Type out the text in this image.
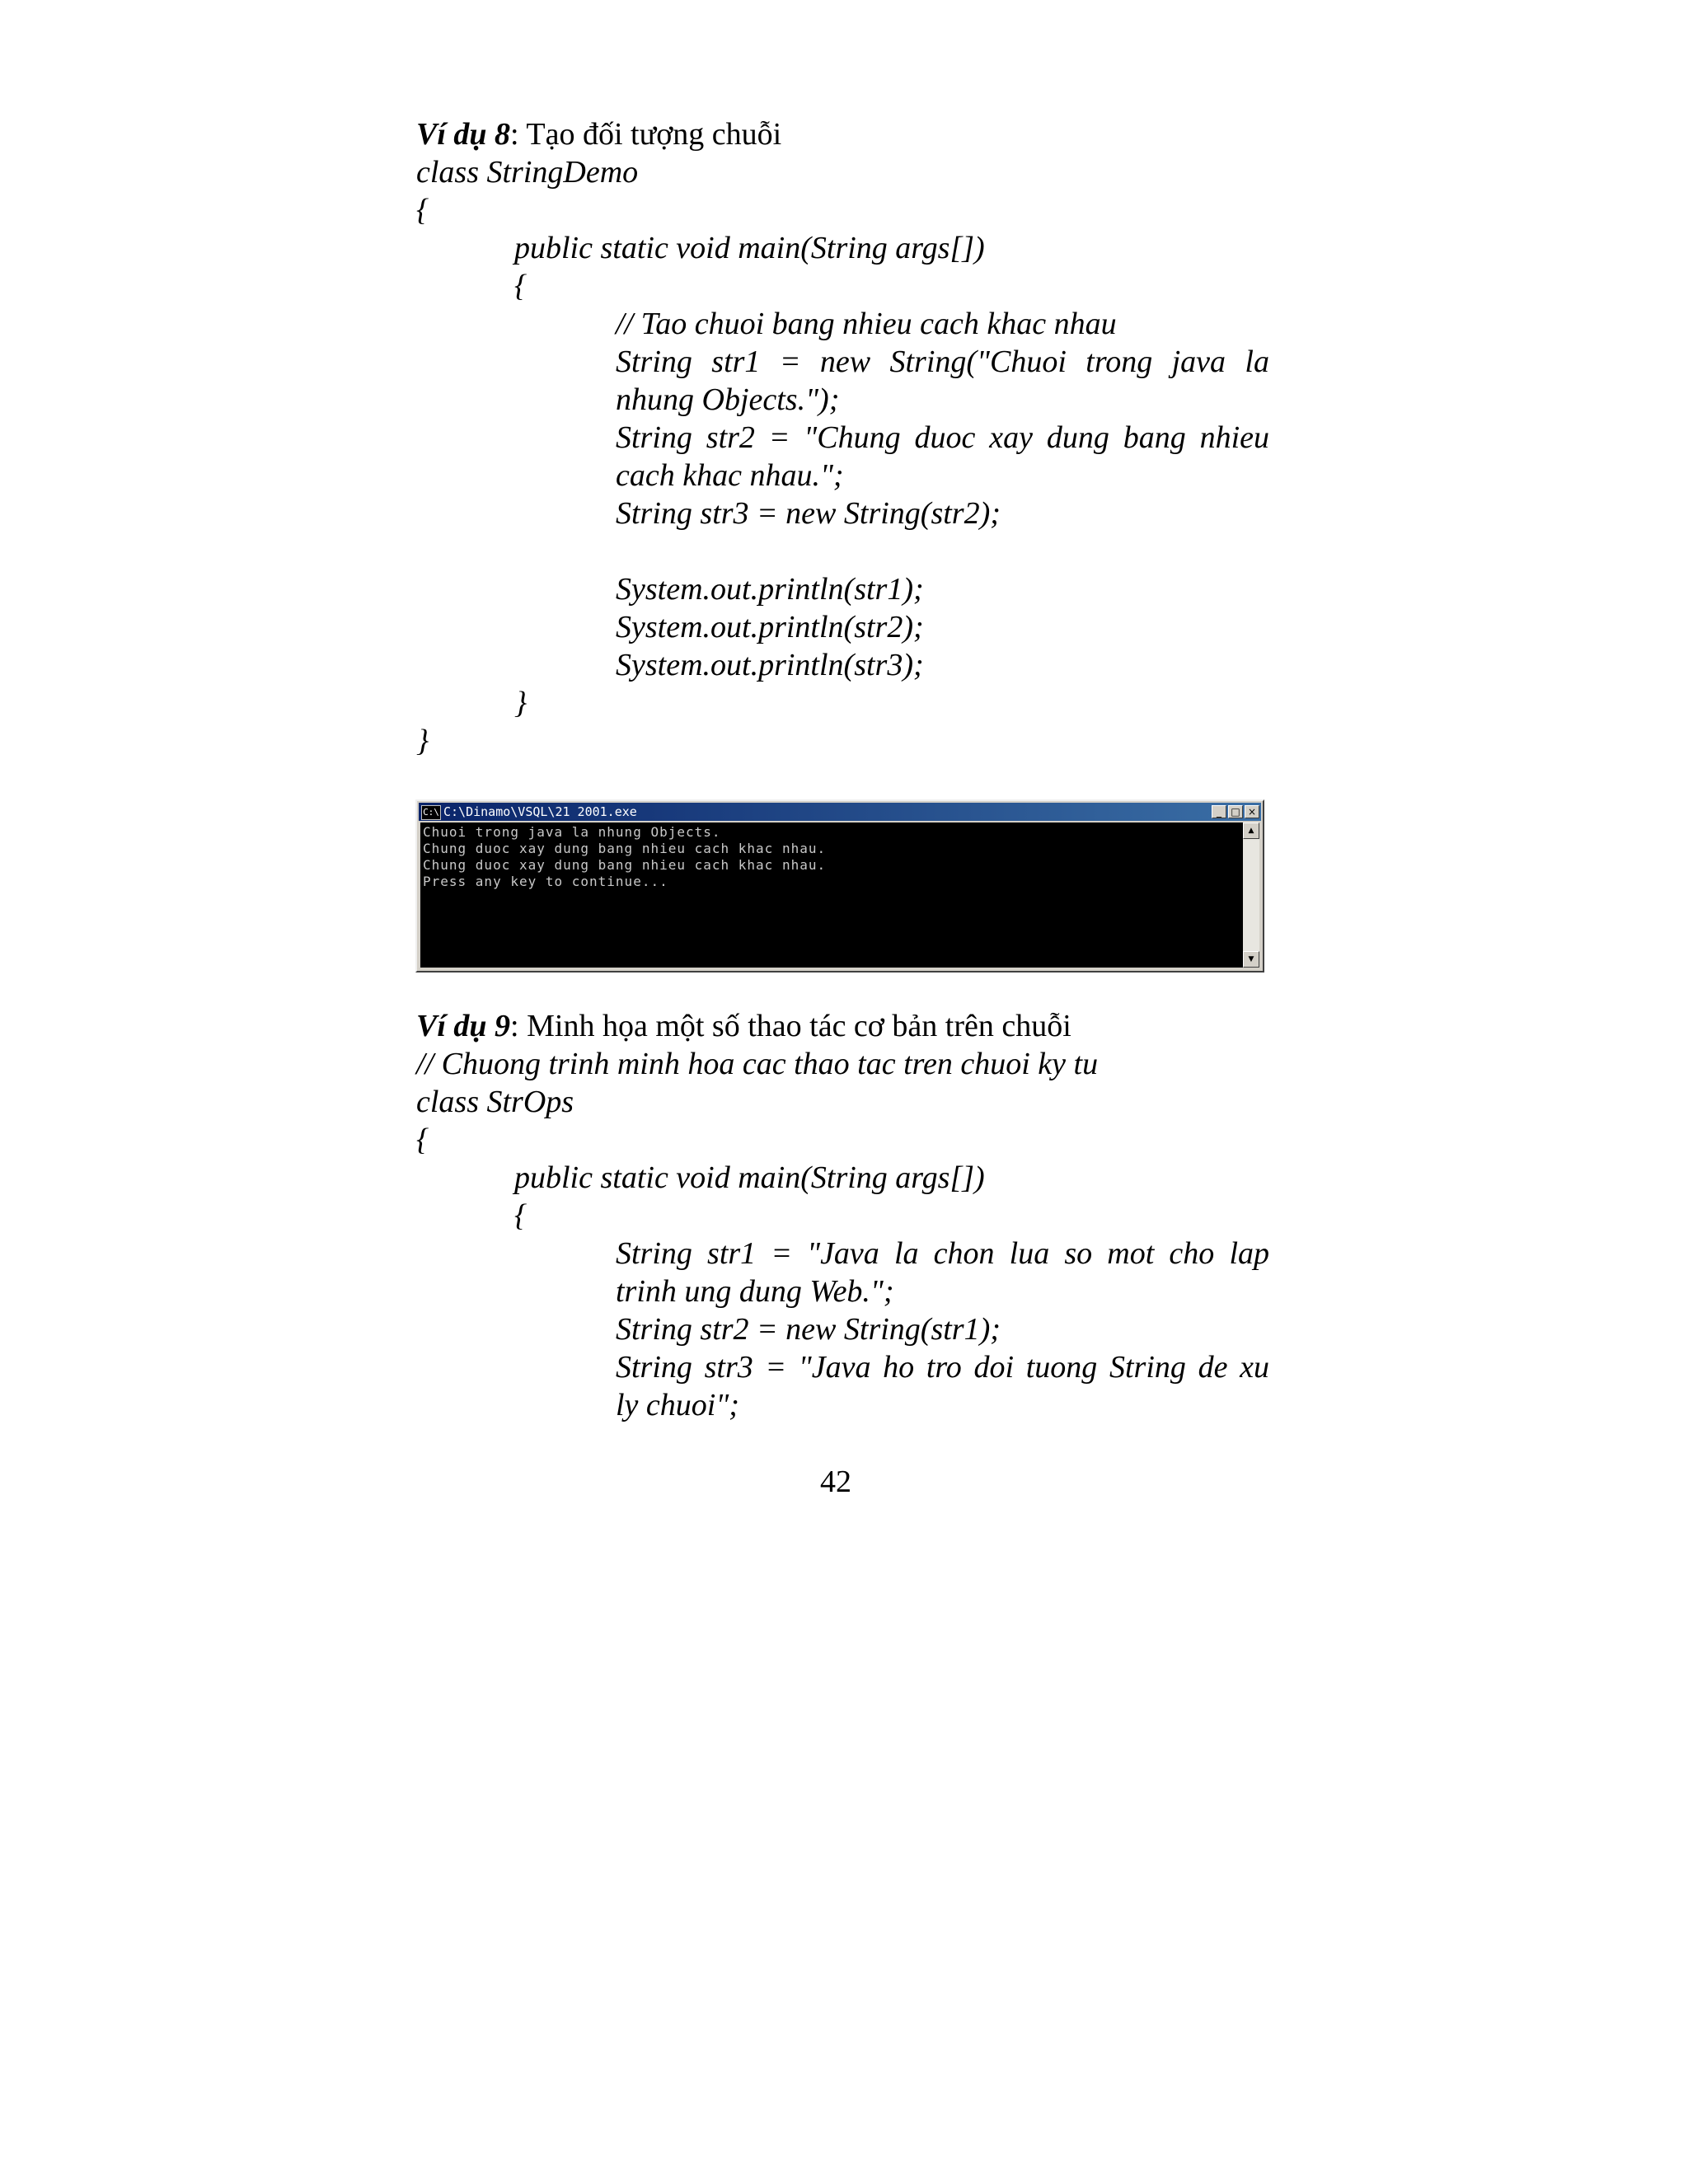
Ví dụ 8: Tạo đối tượng chuỗi
class StringDemo
{
public static void main(String args[])
{
// Tao chuoi bang nhieu cach khac nhau
String str1 = new String("Chuoi trong java la
nhung Objects.");
String str2 = "Chung duoc xay dung bang nhieu
cach khac nhau.";
String str3 = new String(str2);
System.out.println(str1);
System.out.println(str2);
System.out.println(str3);
}
}
C:\ C:\Dinamo\VSQL\21 2001.exe	_ □ ×
Chuoi trong java la nhung Objects.
Chung duoc xay dung bang nhieu cach khac nhau.
Chung duoc xay dung bang nhieu cach khac nhau.
Press any key to continue...
▲
▼
Ví dụ 9: Minh họa một số thao tác cơ bản trên chuỗi
// Chuong trinh minh hoa cac thao tac tren chuoi ky tu
class StrOps
{
public static void main(String args[])
{
String str1 = "Java la chon lua so mot cho lap
trinh ung dung Web.";
String str2 = new String(str1);
String str3 = "Java ho tro doi tuong String de xu
ly chuoi";
42
